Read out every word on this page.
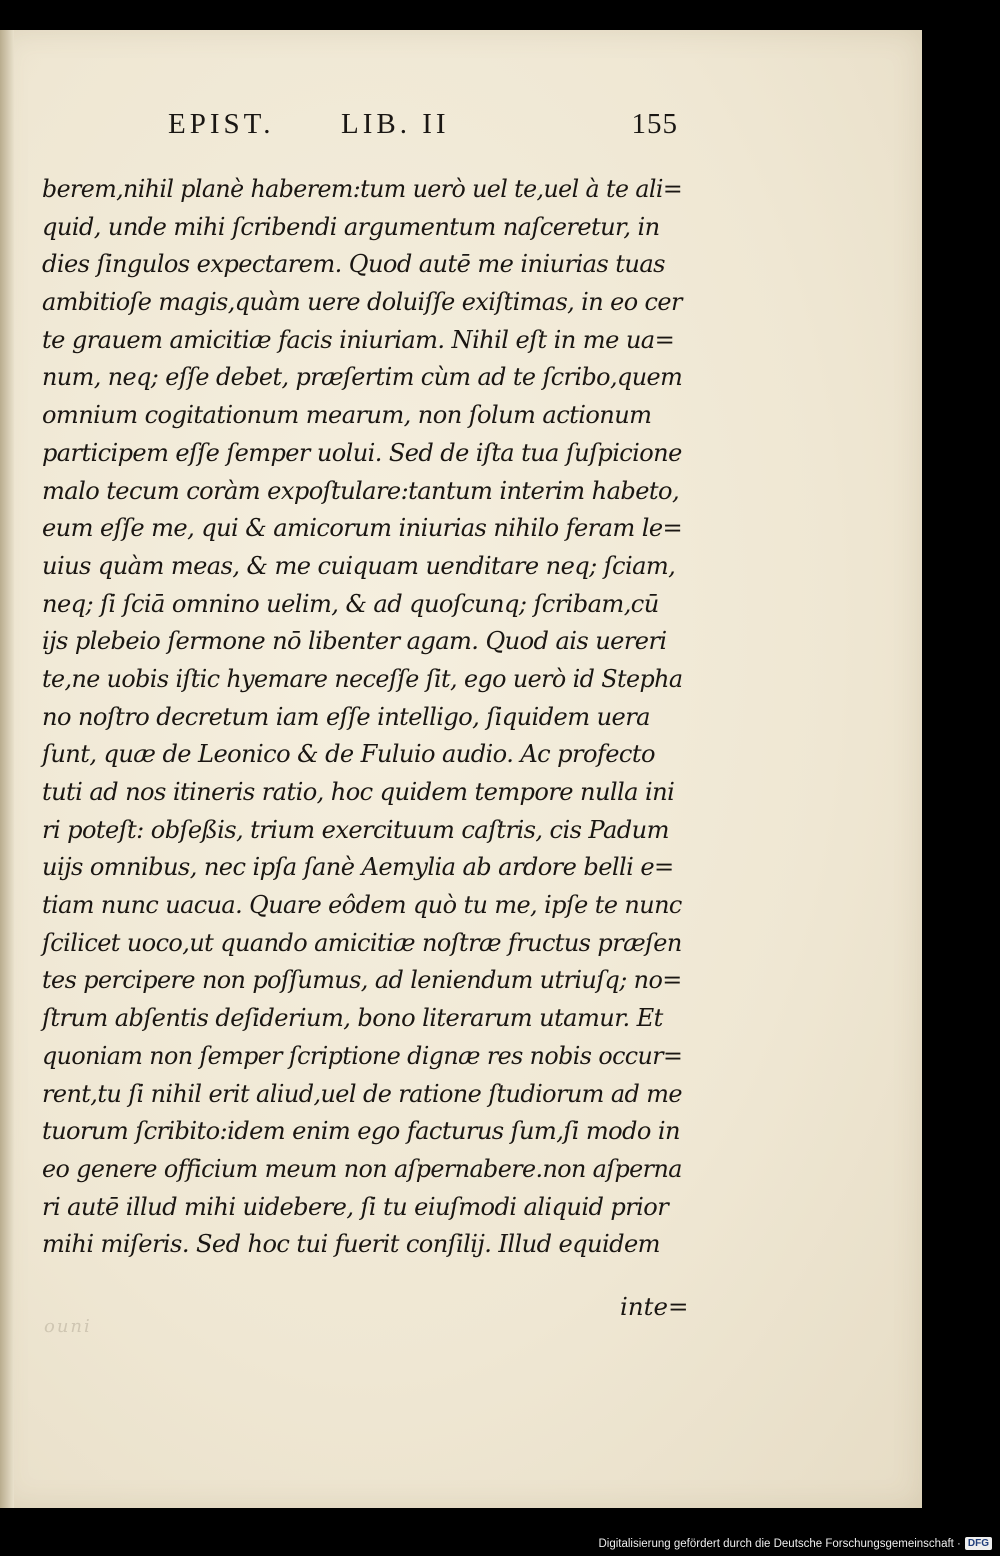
EPIST. LIB. II	155
berem,nihil planè haberem:tum uerò uel te,uel à te ali=
quid, unde mihi ſcribendi argumentum naſceretur, in
dies ſingulos expectarem. Quod autē me iniurias tuas
ambitioſe magis,quàm uere doluiſſe exiſtimas, in eo cer
te grauem amicitiæ facis iniuriam. Nihil eſt in me ua=
num, neq; eſſe debet, præſertim cùm ad te ſcribo,quem
omnium cogitationum mearum, non ſolum actionum
participem eſſe ſemper uolui. Sed de iſta tua ſuſpicione
malo tecum coràm expoſtulare:tantum interim habeto,
eum eſſe me, qui & amicorum iniurias nihilo feram le=
uius quàm meas, & me cuiquam uenditare neq; ſciam,
neq; ſi ſciā omnino uelim, & ad quoſcunq; ſcribam,cū
ijs plebeio ſermone nō libenter agam. Quod ais uereri
te,ne uobis iſtic hyemare neceſſe ſit, ego uerò id Stepha
no noſtro decretum iam eſſe intelligo, ſiquidem uera
ſunt, quæ de Leonico & de Fuluio audio. Ac profecto
tuti ad nos itineris ratio, hoc quidem tempore nulla ini
ri poteſt: obſeßis, trium exercituum caſtris, cis Padum
uijs omnibus, nec ipſa ſanè Aemylia ab ardore belli e=
tiam nunc uacua. Quare eôdem quò tu me, ipſe te nunc
ſcilicet uoco,ut quando amicitiæ noſtræ fructus præſen
tes percipere non poſſumus, ad leniendum utriuſq; no=
ſtrum abſentis deſiderium, bono literarum utamur. Et
quoniam non ſemper ſcriptione dignæ res nobis occur=
rent,tu ſi nihil erit aliud,uel de ratione ſtudiorum ad me
tuorum ſcribito:idem enim ego facturus ſum,ſi modo in
eo genere officium meum non aſpernabere.non aſperna
ri autē illud mihi uidebere, ſi tu eiuſmodi aliquid prior
mihi miſeris. Sed hoc tui fuerit conſilij. Illud equidem
inte=
ouni
Digitalisierung gefördert durch die Deutsche Forschungsgemeinschaft · DFG
